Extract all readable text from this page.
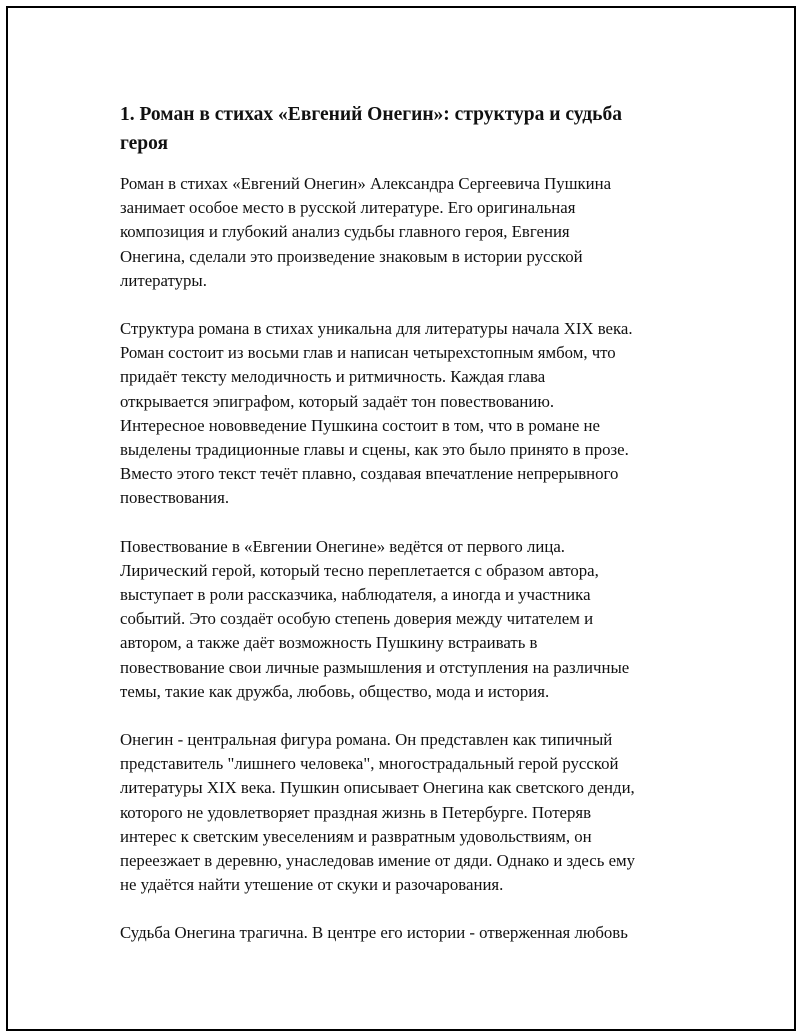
1. Роман в стихах «Евгений Онегин»: структура и судьба
героя

Роман в стихах «Евгений Онегин» Александра Сергеевича Пушкина
занимает особое место в русской литературе. Его оригинальная
композиция и глубокий анализ судьбы главного героя, Евгения
Онегина, сделали это произведение знаковым в истории русской
литературы.

Структура романа в стихах уникальна для литературы начала XIX века.
Роман состоит из восьми глав и написан четырехстопным ямбом, что
придаёт тексту мелодичность и ритмичность. Каждая глава
открывается эпиграфом, который задаёт тон повествованию.
Интересное нововведение Пушкина состоит в том, что в романе не
выделены традиционные главы и сцены, как это было принято в прозе.
Вместо этого текст течёт плавно, создавая впечатление непрерывного
повествования.

Повествование в «Евгении Онегине» ведётся от первого лица.
Лирический герой, который тесно переплетается с образом автора,
выступает в роли рассказчика, наблюдателя, а иногда и участника
событий. Это создаёт особую степень доверия между читателем и
автором, а также даёт возможность Пушкину встраивать в
повествование свои личные размышления и отступления на различные
темы, такие как дружба, любовь, общество, мода и история.

Онегин - центральная фигура романа. Он представлен как типичный
представитель "лишнего человека", многострадальный герой русской
литературы XIX века. Пушкин описывает Онегина как светского денди,
которого не удовлетворяет праздная жизнь в Петербурге. Потеряв
интерес к светским увеселениям и развратным удовольствиям, он
переезжает в деревню, унаследовав имение от дяди. Однако и здесь ему
не удаётся найти утешение от скуки и разочарования.

Судьба Онегина трагична. В центре его истории - отверженная любовь
